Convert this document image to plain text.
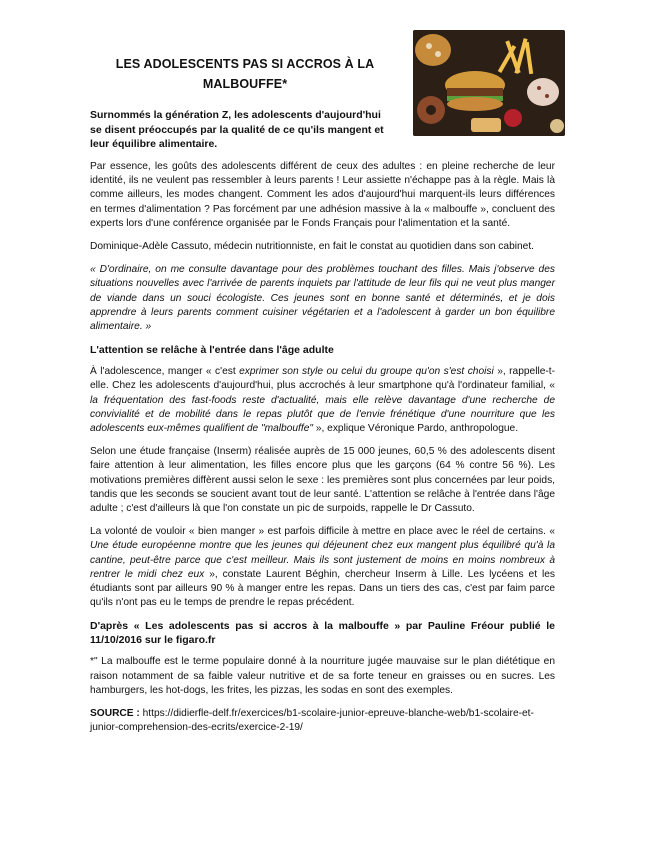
LES ADOLESCENTS PAS SI ACCROS À LA MALBOUFFE*
Surnommés la génération Z, les adolescents d'aujourd'hui se disent préoccupés par la qualité de ce qu'ils mangent et leur équilibre alimentaire.

Par essence, les goûts des adolescents différent de ceux des adultes : en pleine recherche de leur identité, ils ne veulent pas ressembler à leurs parents ! Leur assiette n'échappe pas à la règle. Mais là comme ailleurs, les modes changent. Comment les ados d'aujourd'hui marquent-ils leurs différences en termes d'alimentation ? Pas forcément par une adhésion massive à la « malbouffe », concluent des experts lors d'une conférence organisée par le Fonds Français pour l'alimentation et la santé.

Dominique-Adèle Cassuto, médecin nutritionniste, en fait le constat au quotidien dans son cabinet.

« D'ordinaire, on me consulte davantage pour des problèmes touchant des filles. Mais j'observe des situations nouvelles avec l'arrivée de parents inquiets par l'attitude de leur fils qui ne veut plus manger de viande dans un souci écologiste. Ces jeunes sont en bonne santé et déterminés, et je dois apprendre à leurs parents comment cuisiner végétarien et a l'adolescent à garder un bon équilibre alimentaire. »

L'attention se relâche à l'entrée dans l'âge adulte

À l'adolescence, manger « c'est exprimer son style ou celui du groupe qu'on s'est choisi », rappelle-t-elle. Chez les adolescents d'aujourd'hui, plus accrochés à leur smartphone qu'à l'ordinateur familial, « la fréquentation des fast-foods reste d'actualité, mais elle relève davantage d'une recherche de convivialité et de mobilité dans le repas plutôt que de l'envie frénétique d'une nourriture que les adolescents eux-mêmes qualifient de "malbouffe" », explique Véronique Pardo, anthropologue.

Selon une étude française (Inserm) réalisée auprès de 15 000 jeunes, 60,5 % des adolescents disent faire attention à leur alimentation, les filles encore plus que les garçons (64 % contre 56 %). Les motivations premières diffèrent aussi selon le sexe : les premières sont plus concernées par leur poids, tandis que les seconds se soucient avant tout de leur santé. L'attention se relâche à l'entrée dans l'âge adulte ; c'est d'ailleurs là que l'on constate un pic de surpoids, rappelle le Dr Cassuto.

La volonté de vouloir « bien manger » est parfois difficile à mettre en place avec le réel de certains. « Une étude européenne montre que les jeunes qui déjeunent chez eux mangent plus équilibré qu'à la cantine, peut-être parce que c'est meilleur. Mais ils sont justement de moins en moins nombreux à rentrer le midi chez eux », constate Laurent Béghin, chercheur Inserm à Lille. Les lycéens et les étudiants sont par ailleurs 90 % à manger entre les repas. Dans un tiers des cas, c'est par faim parce qu'ils n'ont pas eu le temps de prendre le repas précédent.

D'après « Les adolescents pas si accros à la malbouffe » par Pauline Fréour publié le 11/10/2016 sur le figaro.fr

*" La malbouffe est le terme populaire donné à la nourriture jugée mauvaise sur le plan diététique en raison notamment de sa faible valeur nutritive et de sa forte teneur en graisses ou en sucres. Les hamburgers, les hot-dogs, les frites, les pizzas, les sodas en sont des exemples.

SOURCE : https://didierfle-delf.fr/exercices/b1-scolaire-junior-epreuve-blanche-web/b1-scolaire-et-junior-comprehension-des-ecrits/exercice-2-19/
